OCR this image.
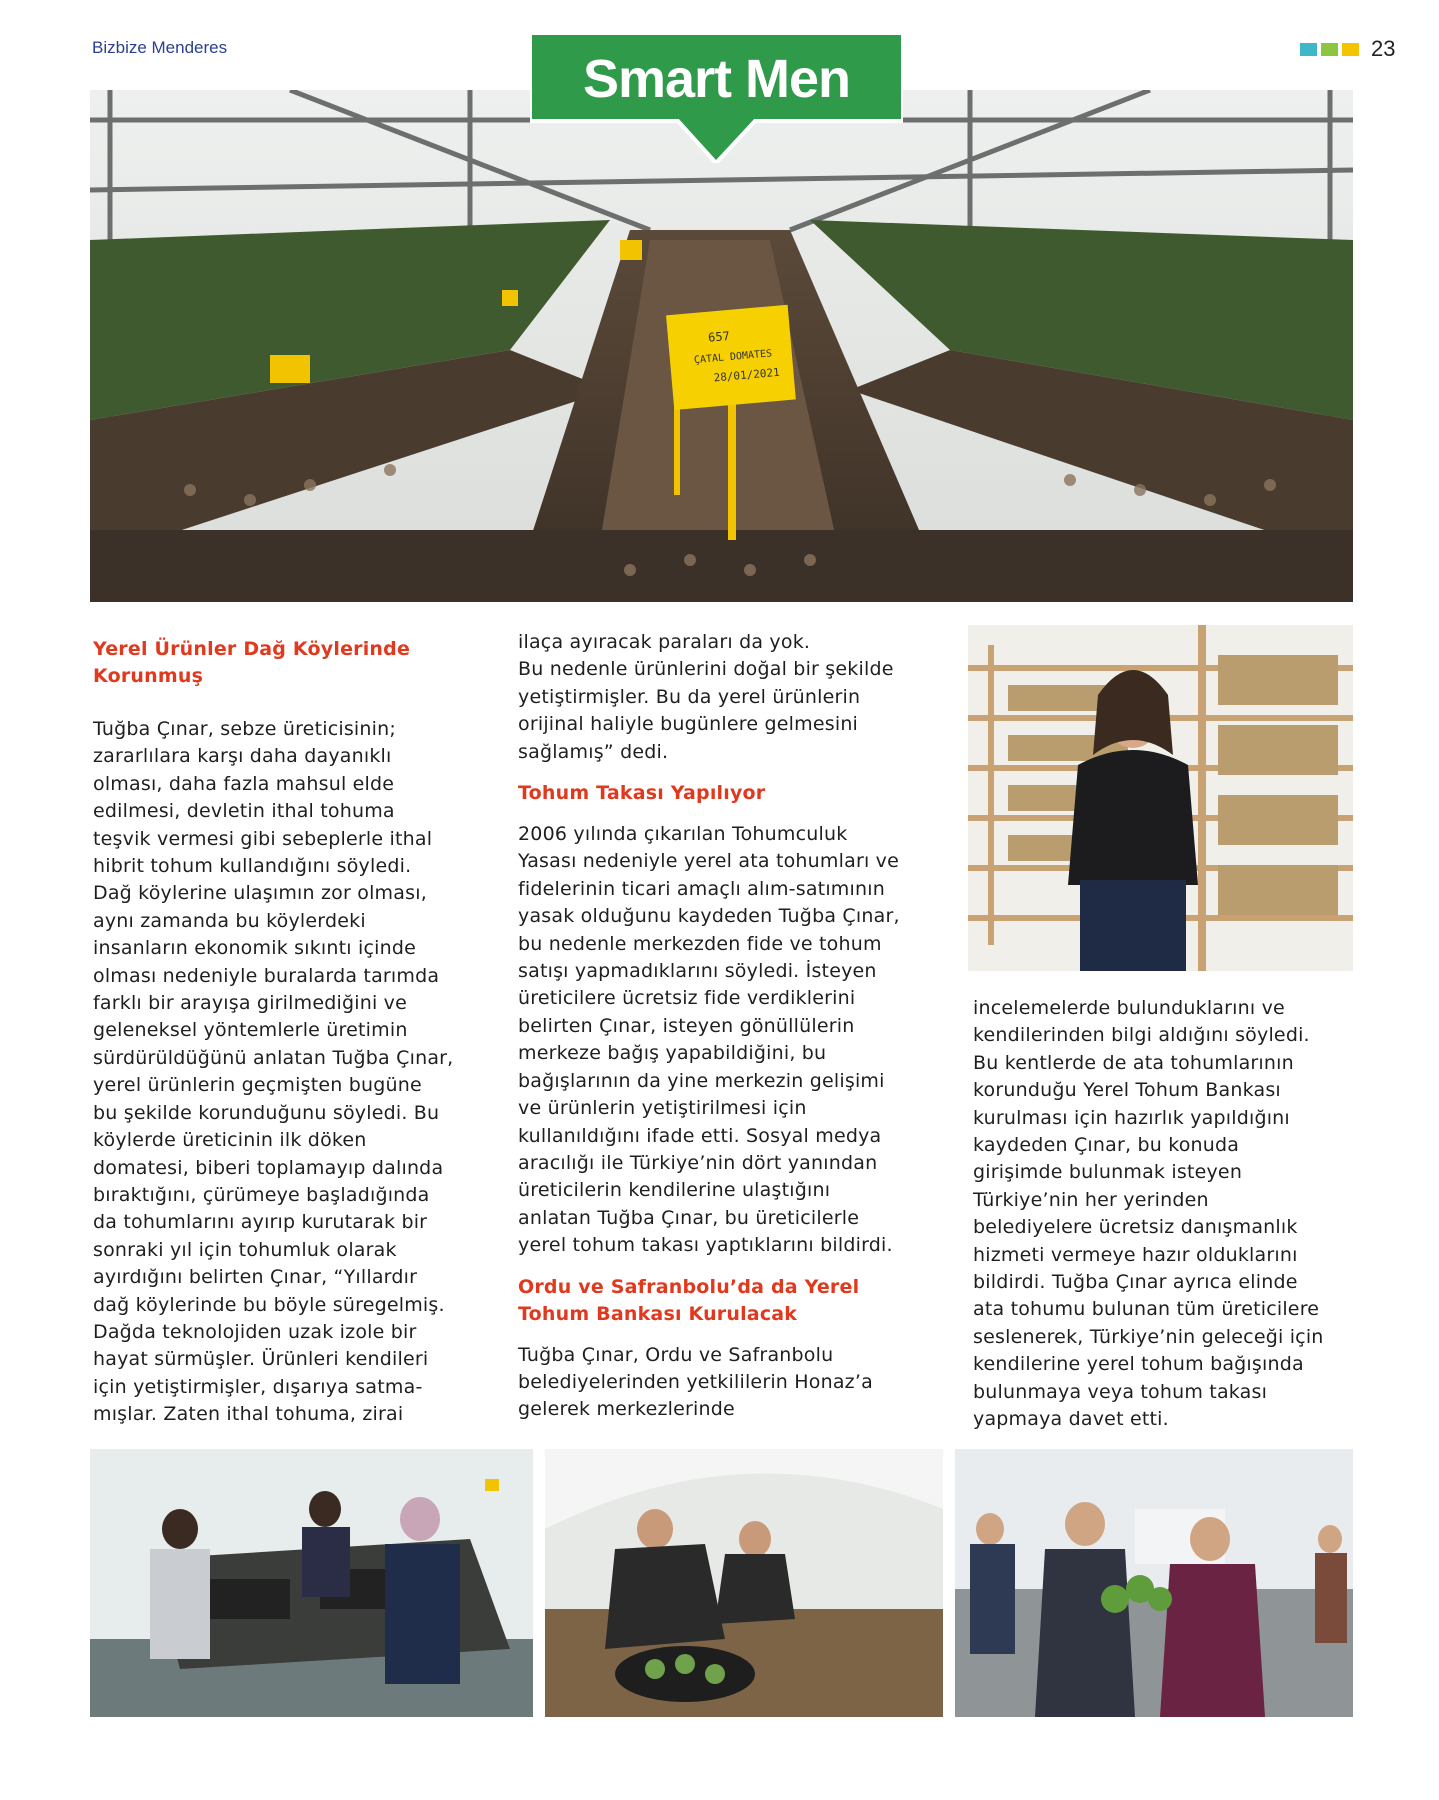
Bizbize Menderes	23
657
ÇATAL DOMATES
28/01/2021
Smart Men

Yerel Ürünler Dağ Köylerinde Korunmuş

Tuğba Çınar, sebze üreticisinin;

zararlılara karşı daha dayanıklı

olması, daha fazla mahsul elde

edilmesi, devletin ithal tohuma

teşvik vermesi gibi sebeplerle ithal

hibrit tohum kullandığını söyledi.

Dağ köylerine ulaşımın zor olması,

aynı zamanda bu köylerdeki

insanların ekonomik sıkıntı içinde

olması nedeniyle buralarda tarımda

farklı bir arayışa girilmediğini ve

geleneksel yöntemlerle üretimin

sürdürüldüğünü anlatan Tuğba Çınar,

yerel ürünlerin geçmişten bugüne

bu şekilde korunduğunu söyledi. Bu

köylerde üreticinin ilk döken

domatesi, biberi toplamayıp dalında

bıraktığını, çürümeye başladığında

da tohumlarını ayırıp kurutarak bir

sonraki yıl için tohumluk olarak

ayırdığını belirten Çınar, “Yıllardır

dağ köylerinde bu böyle süregelmiş.

Dağda teknolojiden uzak izole bir

hayat sürmüşler. Ürünleri kendileri

için yetiştirmişler, dışarıya satma-

mışlar. Zaten ithal tohuma, zirai

ilaça ayıracak paraları da yok.

Bu nedenle ürünlerini doğal bir şekilde

yetiştirmişler. Bu da yerel ürünlerin

orijinal haliyle bugünlere gelmesini

sağlamış” dedi.

Tohum Takası Yapılıyor

2006 yılında çıkarılan Tohumculuk

Yasası nedeniyle yerel ata tohumları ve

fidelerinin ticari amaçlı alım-satımının

yasak olduğunu kaydeden Tuğba Çınar,

bu nedenle merkezden fide ve tohum

satışı yapmadıklarını söyledi. İsteyen

üreticilere ücretsiz fide verdiklerini

belirten Çınar, isteyen gönüllülerin

merkeze bağış yapabildiğini, bu

bağışlarının da yine merkezin gelişimi

ve ürünlerin yetiştirilmesi için

kullanıldığını ifade etti. Sosyal medya

aracılığı ile Türkiye’nin dört yanından

üreticilerin kendilerine ulaştığını

anlatan Tuğba Çınar, bu üreticilerle

yerel tohum takası yaptıklarını bildirdi.

Ordu ve Safranbolu’da da Yerel

Tohum Bankası Kurulacak

Tuğba Çınar, Ordu ve Safranbolu

belediyelerinden yetkililerin Honaz’a

gelerek merkezlerinde

incelemelerde bulunduklarını ve

kendilerinden bilgi aldığını söyledi.

Bu kentlerde de ata tohumlarının

korunduğu Yerel Tohum Bankası

kurulması için hazırlık yapıldığını

kaydeden Çınar, bu konuda

girişimde bulunmak isteyen

Türkiye’nin her yerinden

belediyelere ücretsiz danışmanlık

hizmeti vermeye hazır olduklarını

bildirdi. Tuğba Çınar ayrıca elinde

ata tohumu bulunan tüm üreticilere

seslenerek, Türkiye’nin geleceği için

kendilerine yerel tohum bağışında

bulunmaya veya tohum takası

yapmaya davet etti.
